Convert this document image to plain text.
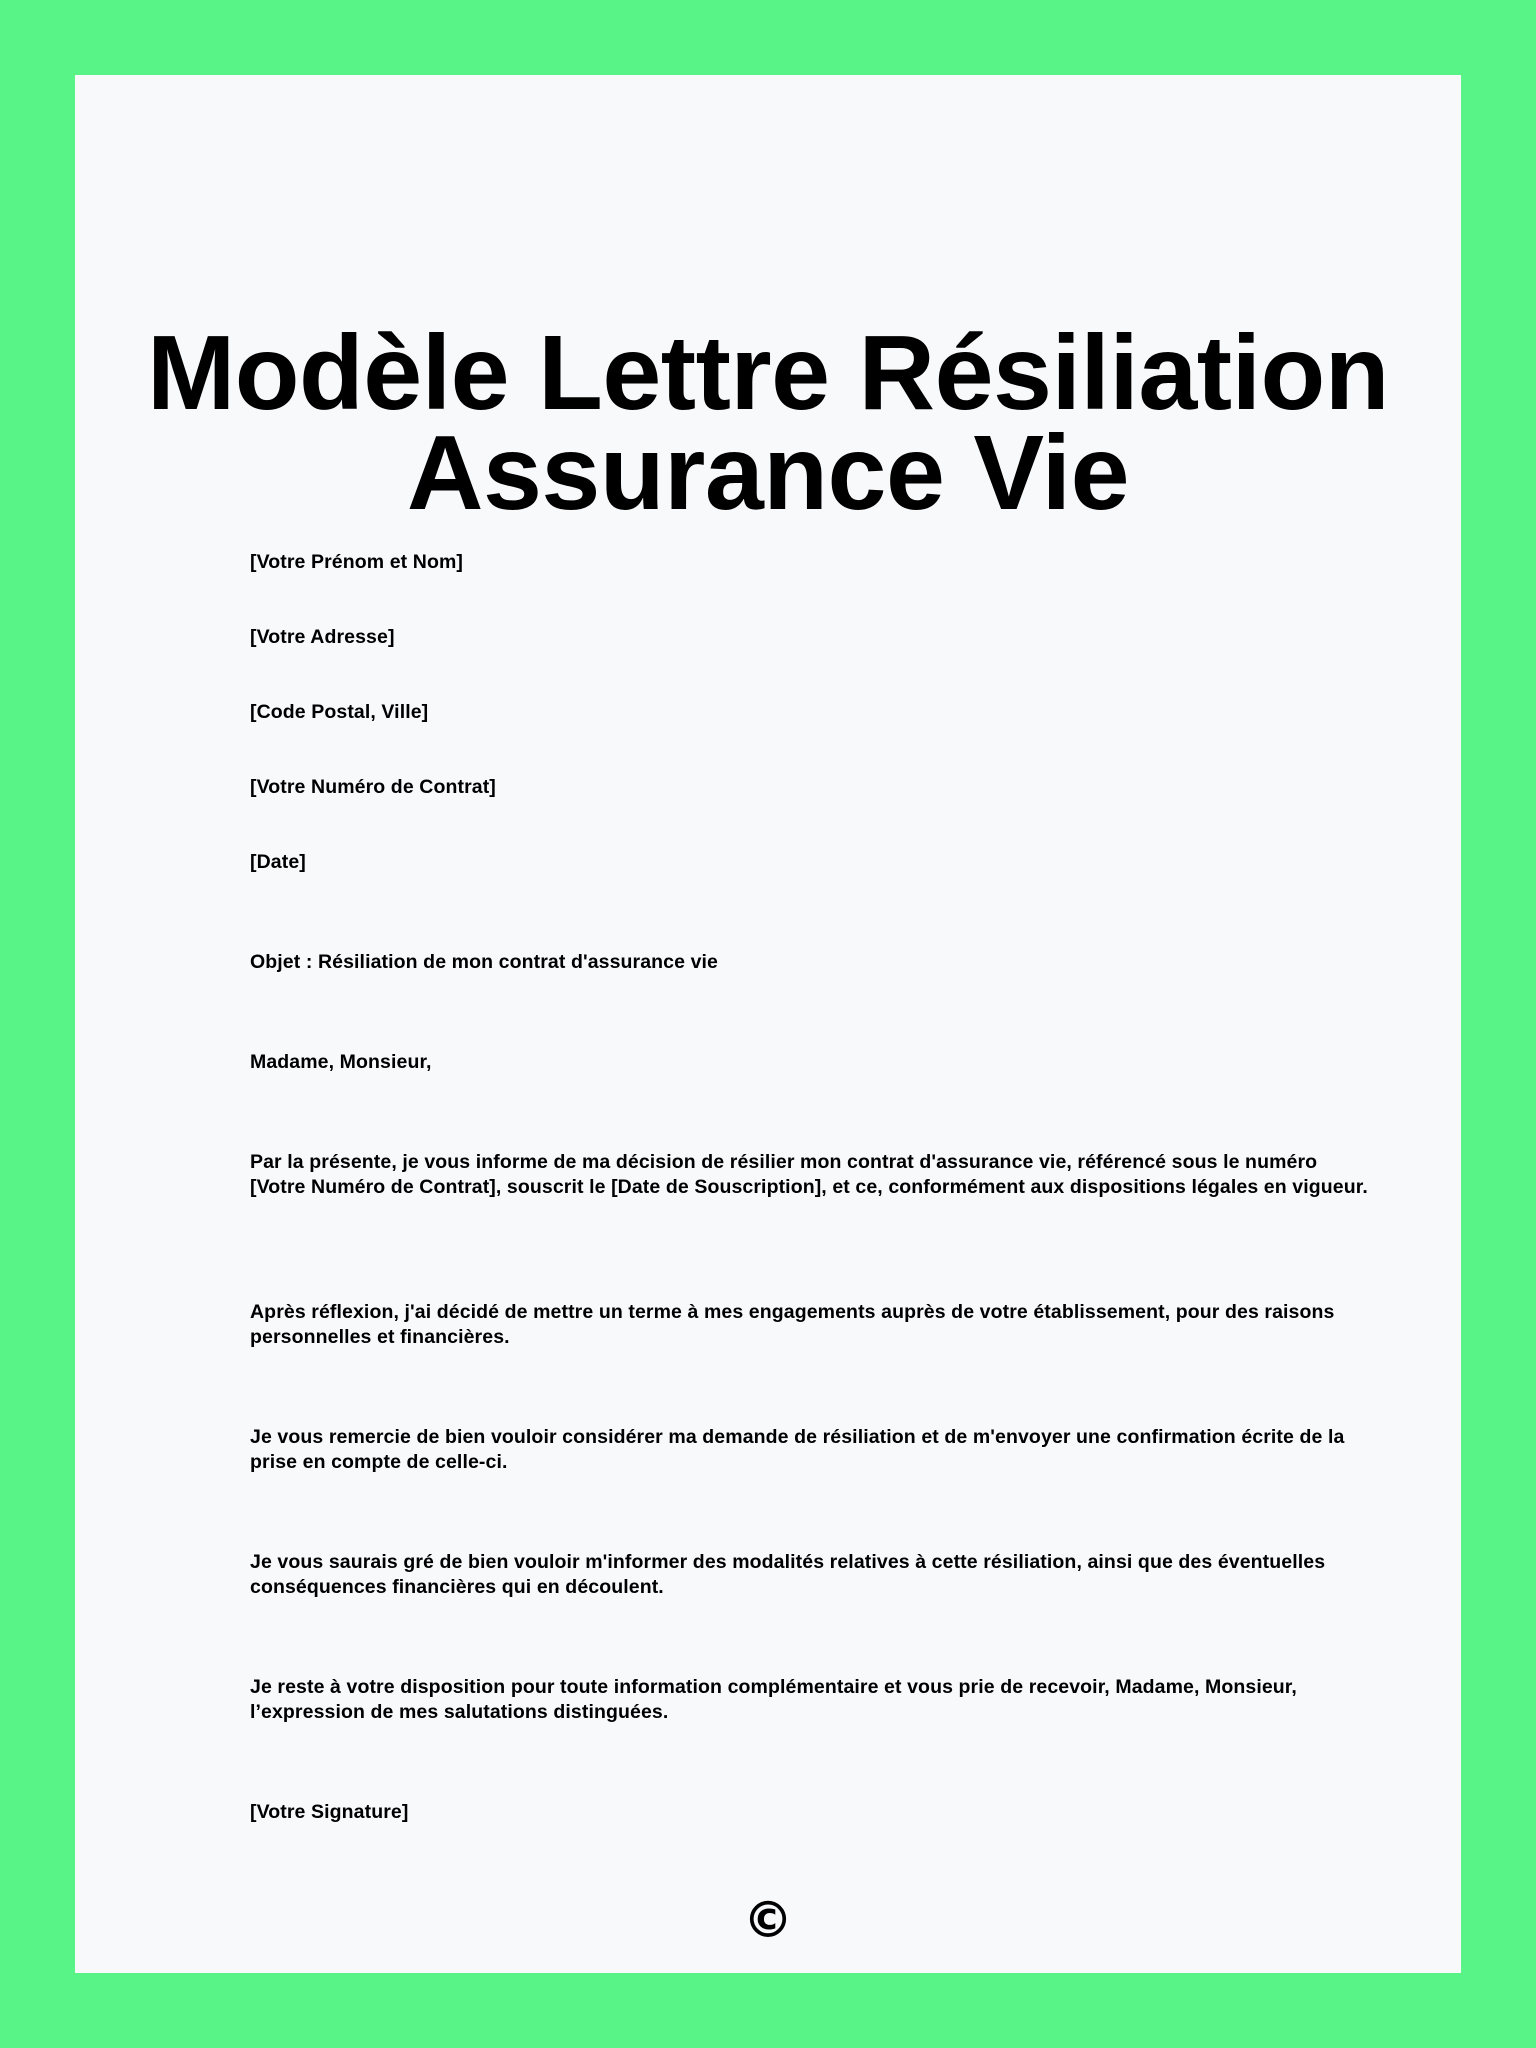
Modèle Lettre Résiliation
Assurance Vie

[Votre Prénom et Nom]

[Votre Adresse]

[Code Postal, Ville]

[Votre Numéro de Contrat]

[Date]

Objet : Résiliation de mon contrat d'assurance vie

Madame, Monsieur,

Par la présente, je vous informe de ma décision de résilier mon contrat d'assurance vie, référencé sous le numéro [Votre Numéro de Contrat], souscrit le [Date de Souscription], et ce, conformément aux dispositions légales en vigueur.

Après réflexion, j'ai décidé de mettre un terme à mes engagements auprès de votre établissement, pour des raisons personnelles et financières.

Je vous remercie de bien vouloir considérer ma demande de résiliation et de m'envoyer une confirmation écrite de la prise en compte de celle-ci.

Je vous saurais gré de bien vouloir m'informer des modalités relatives à cette résiliation, ainsi que des éventuelles conséquences financières qui en découlent.

Je reste à votre disposition pour toute information complémentaire et vous prie de recevoir, Madame, Monsieur, l’expression de mes salutations distinguées.

[Votre Signature]

©
